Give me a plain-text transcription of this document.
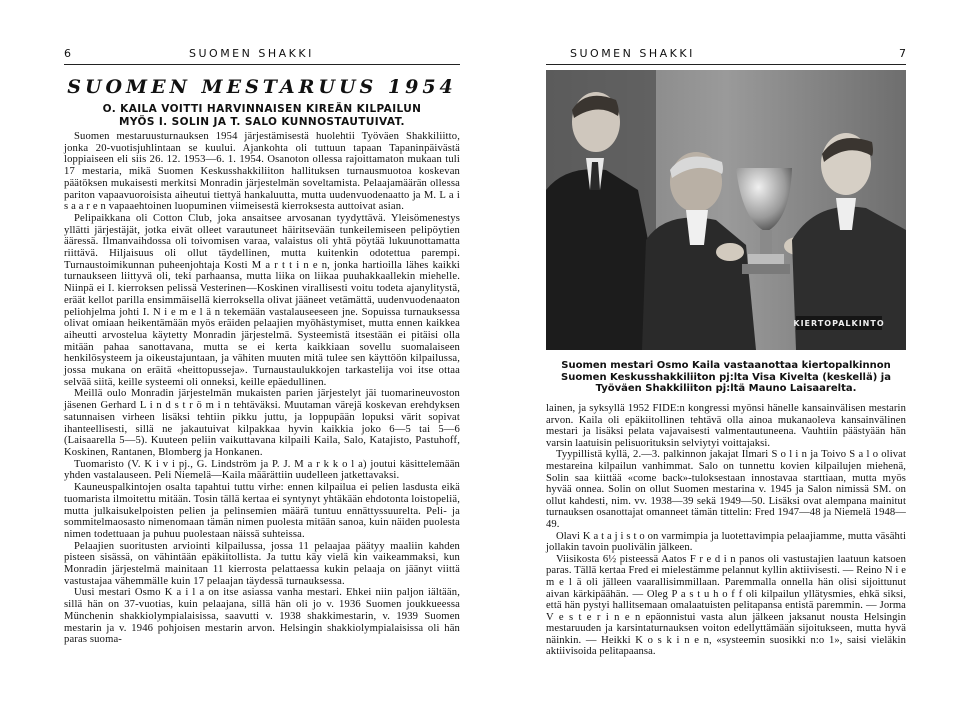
6	SUOMEN SHAKKI
SUOMEN MESTARUUS 1954
O. KAILA VOITTI HARVINNAISEN KIREÄN KILPAILUN
MYÖS I. SOLIN JA T. SALO KUNNOSTAUTUIVAT.

Suomen mestaruusturnauksen 1954 järjestämisestä huolehtii Työväen Shakkiliitto, jonka 20-vuotisjuhlintaan se kuului. Ajankohta oli tuttuun tapaan Tapaninpäivästä loppiaiseen eli siis 26. 12. 1953—6. 1. 1954. Osanoton ollessa rajoittamaton mukaan tuli 17 mestaria, mikä Suomen Keskusshakkiliiton hallituksen turnausmuotoa koskevan päätöksen mukaisesti merkitsi Monradin järjestelmän soveltamista. Pelaajamäärän ollessa pariton vapaavuoroisista aiheutui tiettyä hankaluutta, mutta uudenvuodenaatto ja M. L a i s a a r e n vapaaehtoinen luopuminen viimeisestä kierroksesta auttoivat asian.

Pelipaikkana oli Cotton Club, joka ansaitsee arvosanan tyydyttävä. Yleisömenestys yllätti järjestäjät, jotka eivät olleet varautuneet häiritsevään tunkeilemiseen pelipöytien ääressä. Ilmanvaihdossa oli toivomisen varaa, valaistus oli yhtä pöytää lukuunottamatta riittävä. Hiljaisuus oli ollut täydellinen, mutta kuitenkin odotettua parempi. Turnaustoimikunnan puheenjohtaja Kosti M a r t t i n e n, jonka hartioilla lähes kaikki turnaukseen liittyvä oli, teki parhaansa, mutta liika on liikaa puuhakkaallekin miehelle. Niinpä ei I. kierroksen pelissä Vesterinen—Koskinen virallisesti voitu todeta ajanylitystä, eräät kellot parilla ensimmäisellä kierroksella olivat jääneet vetämättä, uudenvuodenaaton peliohjelma johti I. N i e m e l ä n tekemään vastalauseeseen jne. Sopuissa turnauksessa olivat omiaan heikentämään myös eräiden pelaajien myöhästymiset, mutta ennen kaikkea aiheutti arvostelua käytetty Monradin järjestelmä. Systeemistä itsestään ei pitäisi olla mitään pahaa sanottavana, mutta se ei kerta kaikkiaan sovellu suomalaiseen henkilösysteem ja oikeustajuntaan, ja vähiten muuten mitä tulee sen käyttöön kilpailussa, jossa mukana on eräitä «heittopusseja». Turnaustaulukkojen tarkastelija voi itse ottaa selvää siitä, keille systeemi oli onneksi, keille epäedullinen.

Meillä oulo Monradin järjestelmän mukaisten parien järjestelyt jäi tuomarineuvoston jäsenen Gerhard L i n d s t r ö m i n tehtäväksi. Muutaman värejä koskevan erehdyksen satunnaisen virheen lisäksi tehtiin pikku juttu, ja loppupään lopuksi värit sopivat ihanteellisesti, sillä ne jakautuivat kilpakkaa hyvin kaikkia joko 6—5 tai 5—6 (Laisaarella 5—5). Kuuteen peliin vaikuttavana kilpaili Kaila, Salo, Katajisto, Pastuhoff, Koskinen, Rantanen, Blomberg ja Honkanen.

Tuomaristo (V. K i v i pj., G. Lindström ja P. J. M a r k k o l a) joutui käsittelemään yhden vastalauseen. Peli Niemelä—Kaila määrättiin uudelleen jatkettavaksi.

Kauneuspalkintojen osalta tapahtui tuttu virhe: ennen kilpailua ei pelien lasdusta eikä tuomarista ilmoitettu mitään. Tosin tällä kertaa ei syntynyt yhtäkään ehdotonta loistopeliä, mutta julkaisukelpoisten pelien ja pelinsemien määrä tuntuu ennättyssuurelta. Peli- ja sommitelmaosasto nimenomaan tämän nimen puolesta mitään sanoa, kuin näiden puolesta nimen todettuaan ja puhuu puolestaan näissä suhteissa.

Pelaajien suoritusten arviointi kilpailussa, jossa 11 pelaajaa päätyy maaliin kahden pisteen sisässä, on vähintään epäkiitollista. Ja tuttu käy vielä kin vaikeammaksi, kun Monradin järjestelmä mainitaan 11 kierrosta pelattaessa kukin pelaaja on jäänyt viittä vastustajaa vähemmälle kuin 17 pelaajan täydessä turnauksessa.

Uusi mestari Osmo K a i l a on itse asiassa vanha mestari. Ehkei niin paljon iältään, sillä hän on 37-vuotias, kuin pelaajana, sillä hän oli jo v. 1936 Suomen joukkueessa Münchenin shakkiolympialaisissa, saavutti v. 1938 shakkimestarin, v. 1939 Suomen mestarin ja v. 1946 pohjoisen mestarin arvon. Helsingin shakkiolympialaisissa oli hän paras suoma-

SUOMEN SHAKKI	7
KIERTOPALKINTO
Suomen mestari Osmo Kaila vastaanottaa kiertopalkinnon Suomen Keskusshakkiliiton pj:lta Visa Kivelta (keskellä) ja Työväen Shakkiliiton pj:ltä Mauno Laisaarelta.

lainen, ja syksyllä 1952 FIDE:n kongressi myönsi hänelle kansainvälisen mestarin arvon. Kaila oli epäkiitollinen tehtävä olla ainoa mukanaoleva kansainvälinen mestari ja lisäksi pelata vajavaisesti valmentautuneena. Vauhtiin päästyään hän varsin laatuisin pelisuorituksin selviytyi voittajaksi.

Tyypillistä kyllä, 2.—3. palkinnon jakajat Ilmari S o l i n ja Toivo S a l o olivat mestareina kilpailun vanhimmat. Salo on tunnettu kovien kilpailujen miehenä, Solin saa kiittää «come back»-tuloksestaan innostavaa starttiaan, mutta myös hyvää onnea. Solin on ollut Suomen mestarina v. 1945 ja Salon nimissä SM. on ollut kahdesti, nim. vv. 1938—39 sekä 1949—50. Lisäksi ovat alempana mainitut turnauksen osanottajat omanneet tämän tittelin: Fred 1947—48 ja Niemelä 1948—49.

Olavi K a t a j i s t o on varmimpia ja luotettavimpia pelaajiamme, mutta väsähti jollakin tavoin puolivälin jälkeen.

Viisikosta 6½ pisteessä Aatos F r e d i n panos oli vastustajien laatuun katsoen paras. Tällä kertaa Fred ei mielestämme pelannut kyllin aktiivisesti. — Reino N i e m e l ä oli jälleen vaarallisimmillaan. Paremmalla onnella hän olisi sijoittunut aivan kärkipäähän. — Oleg P a s t u h o f f oli kilpailun yllätysmies, ehkä siksi, että hän pystyi hallitsemaan omalaatuisten pelitapansa entistä paremmin. — Jorma V e s t e r i n e n epäonnistui vasta alun jälkeen jaksanut nousta Helsingin mestaruuden ja karsintaturnauksen voiton edellyttämään sijoitukseen, mutta hyvä näinkin. — Heikki K o s k i n e n, «systeemin suosikki n:o 1», saisi vieläkin aktiivisoida pelitapaansa.
